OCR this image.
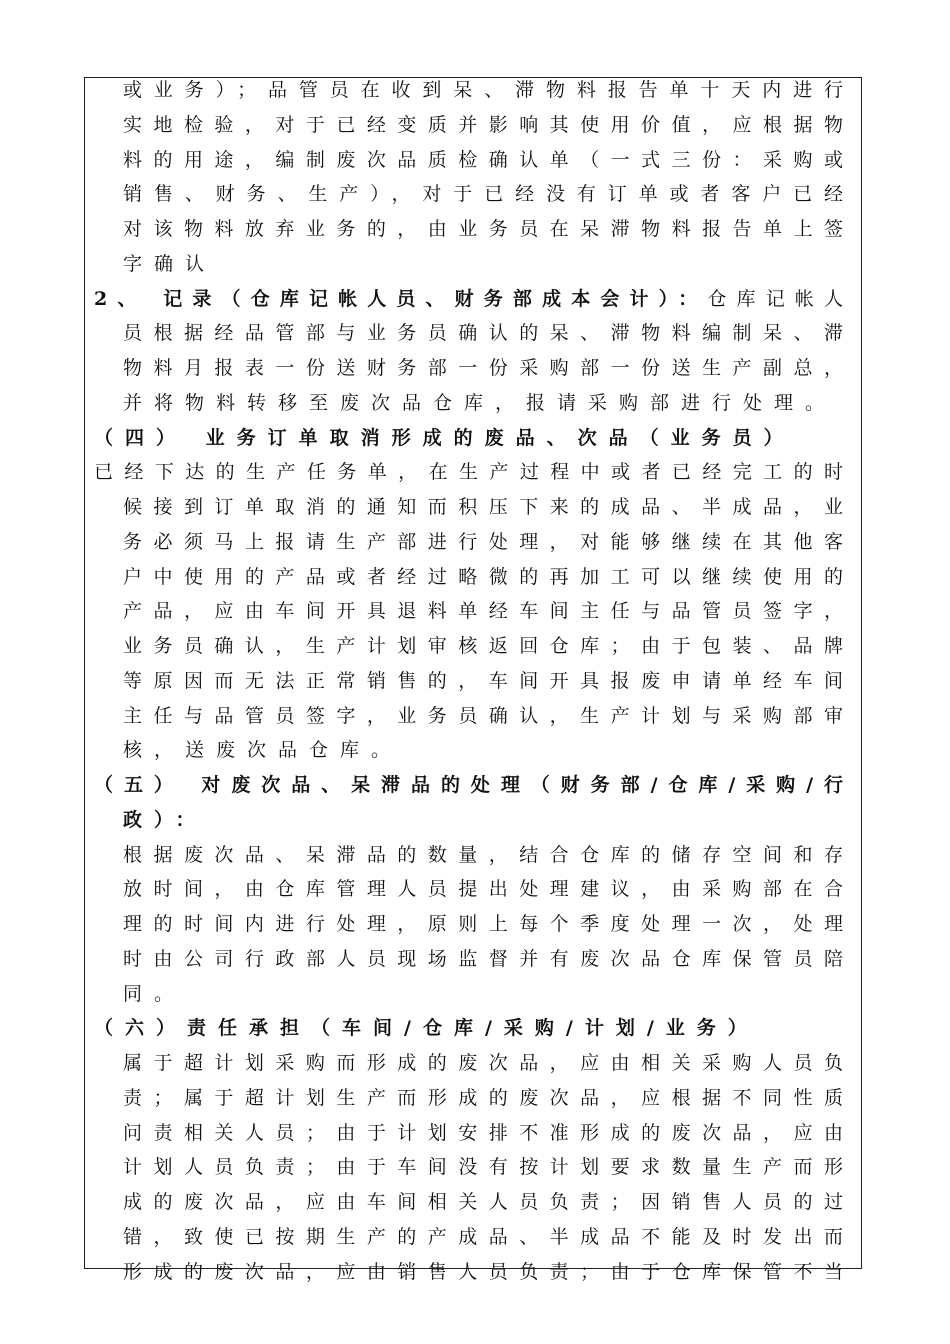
或业务）；品管员在收到呆、滞物料报告单十天内进行
实地检验，对于已经变质并影响其使用价值，应根据物
料的用途，编制废次品质检确认单（一式三份：采购或
销售、财务、生产），对于已经没有订单或者客户已经
对该物料放弃业务的，由业务员在呆滞物料报告单上签
字确认
2、 记录（仓库记帐人员、财务部成本会计）：仓库记帐人
员根据经品管部与业务员确认的呆、滞物料编制呆、滞
物料月报表一份送财务部一份采购部一份送生产副总，
并将物料转移至废次品仓库，报请采购部进行处理。
（四） 业务订单取消形成的废品、次品（业务员）
已经下达的生产任务单，在生产过程中或者已经完工的时
候接到订单取消的通知而积压下来的成品、半成品，业
务必须马上报请生产部进行处理，对能够继续在其他客
户中使用的产品或者经过略微的再加工可以继续使用的
产品，应由车间开具退料单经车间主任与品管员签字，
业务员确认，生产计划审核返回仓库；由于包装、品牌
等原因而无法正常销售的，车间开具报废申请单经车间
主任与品管员签字，业务员确认，生产计划与采购部审
核，送废次品仓库。
（五） 对废次品、呆滞品的处理（财务部/仓库/采购/行
政）：
根据废次品、呆滞品的数量，结合仓库的储存空间和存
放时间，由仓库管理人员提出处理建议，由采购部在合
理的时间内进行处理，原则上每个季度处理一次，处理
时由公司行政部人员现场监督并有废次品仓库保管员陪
同。
（六）责任承担（车间/仓库/采购/计划/业务）
属于超计划采购而形成的废次品，应由相关采购人员负
责；属于超计划生产而形成的废次品，应根据不同性质
问责相关人员；由于计划安排不准形成的废次品，应由
计划人员负责；由于车间没有按计划要求数量生产而形
成的废次品，应由车间相关人员负责；因销售人员的过
错，致使已按期生产的产成品、半成品不能及时发出而
形成的废次品，应由销售人员负责；由于仓库保管不当
